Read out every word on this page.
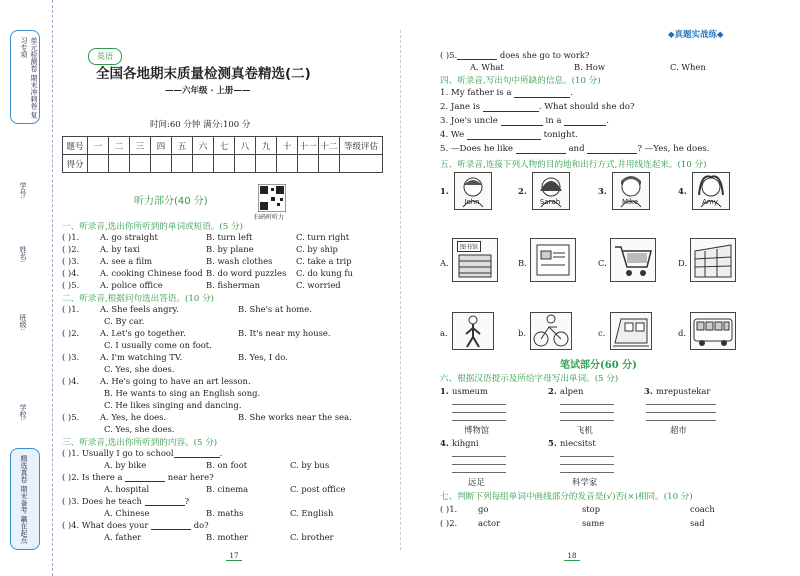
单元检测卷 期末冲刺卷 复习专项
学号:
姓名:
班级:
学校:
精选真卷 期末备考 赢在起点
英语
全国各地期末质量检测真卷精选(二)
——六年级 · 上册——
时间:60 分钟 满分:100 分
题号	一	二	三	四	五	六	七	八	九	十	十一	十二	等级评估
得分													
听力部分(40 分)
扫码听听力
一、听录音,选出你所听到的单词或短语。(5 分)
( )1. A. go straight	B. turn left	C. turn right
( )2. A. by taxi	B. by plane	C. by ship
( )3. A. see a film	B. wash clothes	C. take a trip
( )4. A. cooking Chinese food B. do word puzzles C. do kung fu
( )5. A. police office	B. fisherman	C. worried
二、听录音,根据问句选出答语。(10 分)
( )1. A. She feels angry.	B. She's at home.
C. By car.
( )2. A. Let's go together.	B. It's near my house.
C. I usually come on foot.
( )3. A. I'm watching TV.	B. Yes, I do.
C. Yes, she does.
( )4. A. He's going to have an art lesson.
B. He wants to sing an English song.
C. He likes singing and dancing.
( )5. A. Yes, he does.	B. She works near the sea.
C. Yes, she does.
三、听录音,选出你所听到的内容。(5 分)
( )1. Usually I go to school	.
A. by bike	B. on foot	C. by bus
( )2. Is there a	near here?
A. hospital	B. cinema	C. post office
( )3. Does he teach	?
A. Chinese	B. maths	C. English
( )4. What does your	do?
A. father	B. mother	C. brother
17
◆真题实战练◆
( )5.	does she go to work?
A. What	B. How	C. When
四、听录音,写出句中所缺的信息。(10 分)
1. My father is a	.
2. Jane is	. What should she do?
3. Joe's uncle	in a	.
4. We	tonight.
5. —Does he like	and	? —Yes, he does.
五、听录音,连接下列人物的目的地和出行方式,并用线连起来。(10 分)
1.
John
2.
Sarah
3.
Mike
4.
Amy
A.
图书馆
B.	C.	D.
a.	b.	c.	d.
笔试部分(60 分)
六、根据汉语提示及所给字母写出单词。(5 分)
1. usmeum
博物馆
2. alpen
飞机
3. mrepustekar
超市
4. kihgni
远足
5. niecsitst
科学家
七、判断下列每组单词中画线部分的发音是(√)否(×)相同。(10 分)
( )1. go	stop	coach
( )2. actor	same	sad
18
